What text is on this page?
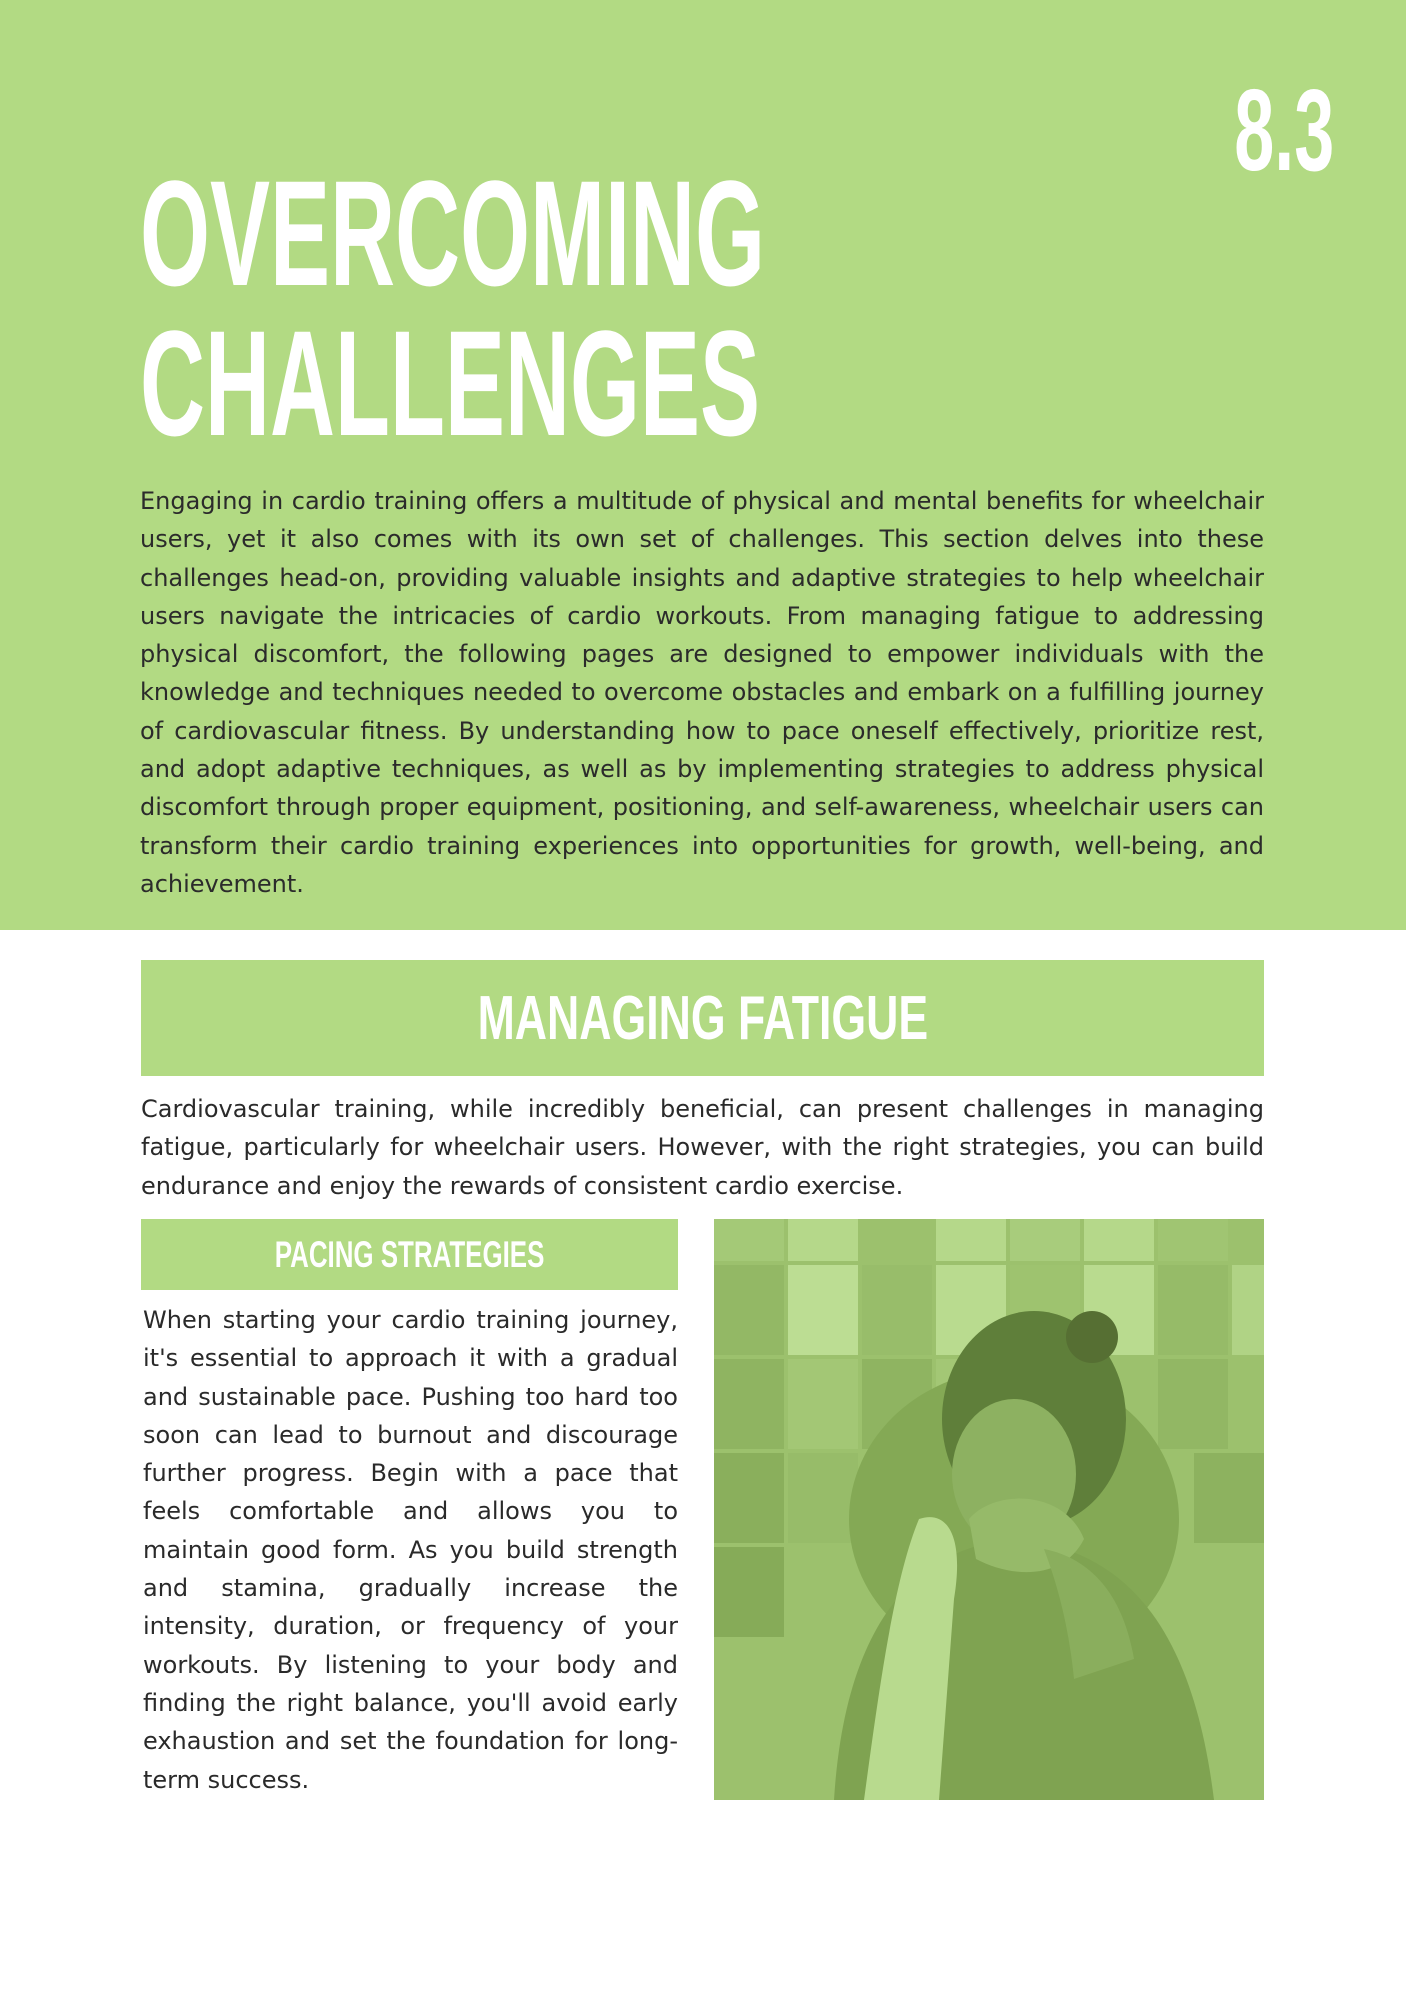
8.3
OVERCOMING
CHALLENGES

Engaging in cardio training offers a multitude of physical and mental benefits for wheelchair users, yet it also comes with its own set of challenges. This section delves into these challenges head-on, providing valuable insights and adaptive strategies to help wheelchair users navigate the intricacies of cardio workouts. From managing fatigue to addressing physical discomfort, the following pages are designed to empower individuals with the knowledge and techniques needed to overcome obstacles and embark on a fulfilling journey of cardiovascular fitness. By understanding how to pace oneself effectively, prioritize rest, and adopt adaptive techniques, as well as by implementing strategies to address physical discomfort through proper equipment, positioning, and self-awareness, wheelchair users can transform their cardio training experiences into opportunities for growth, well-being, and achievement.

MANAGING FATIGUE

Cardiovascular training, while incredibly beneficial, can present challenges in managing fatigue, particularly for wheelchair users. However, with the right strategies, you can build endurance and enjoy the rewards of consistent cardio exercise.

PACING STRATEGIES

When starting your cardio training journey, it's essential to approach it with a gradual and sustainable pace. Pushing too hard too soon can lead to burnout and discourage further progress. Begin with a pace that feels comfortable and allows you to maintain good form. As you build strength and stamina, gradually increase the intensity, duration, or frequency of your workouts. By listening to your body and finding the right balance, you'll avoid early exhaustion and set the foundation for long-term success.
